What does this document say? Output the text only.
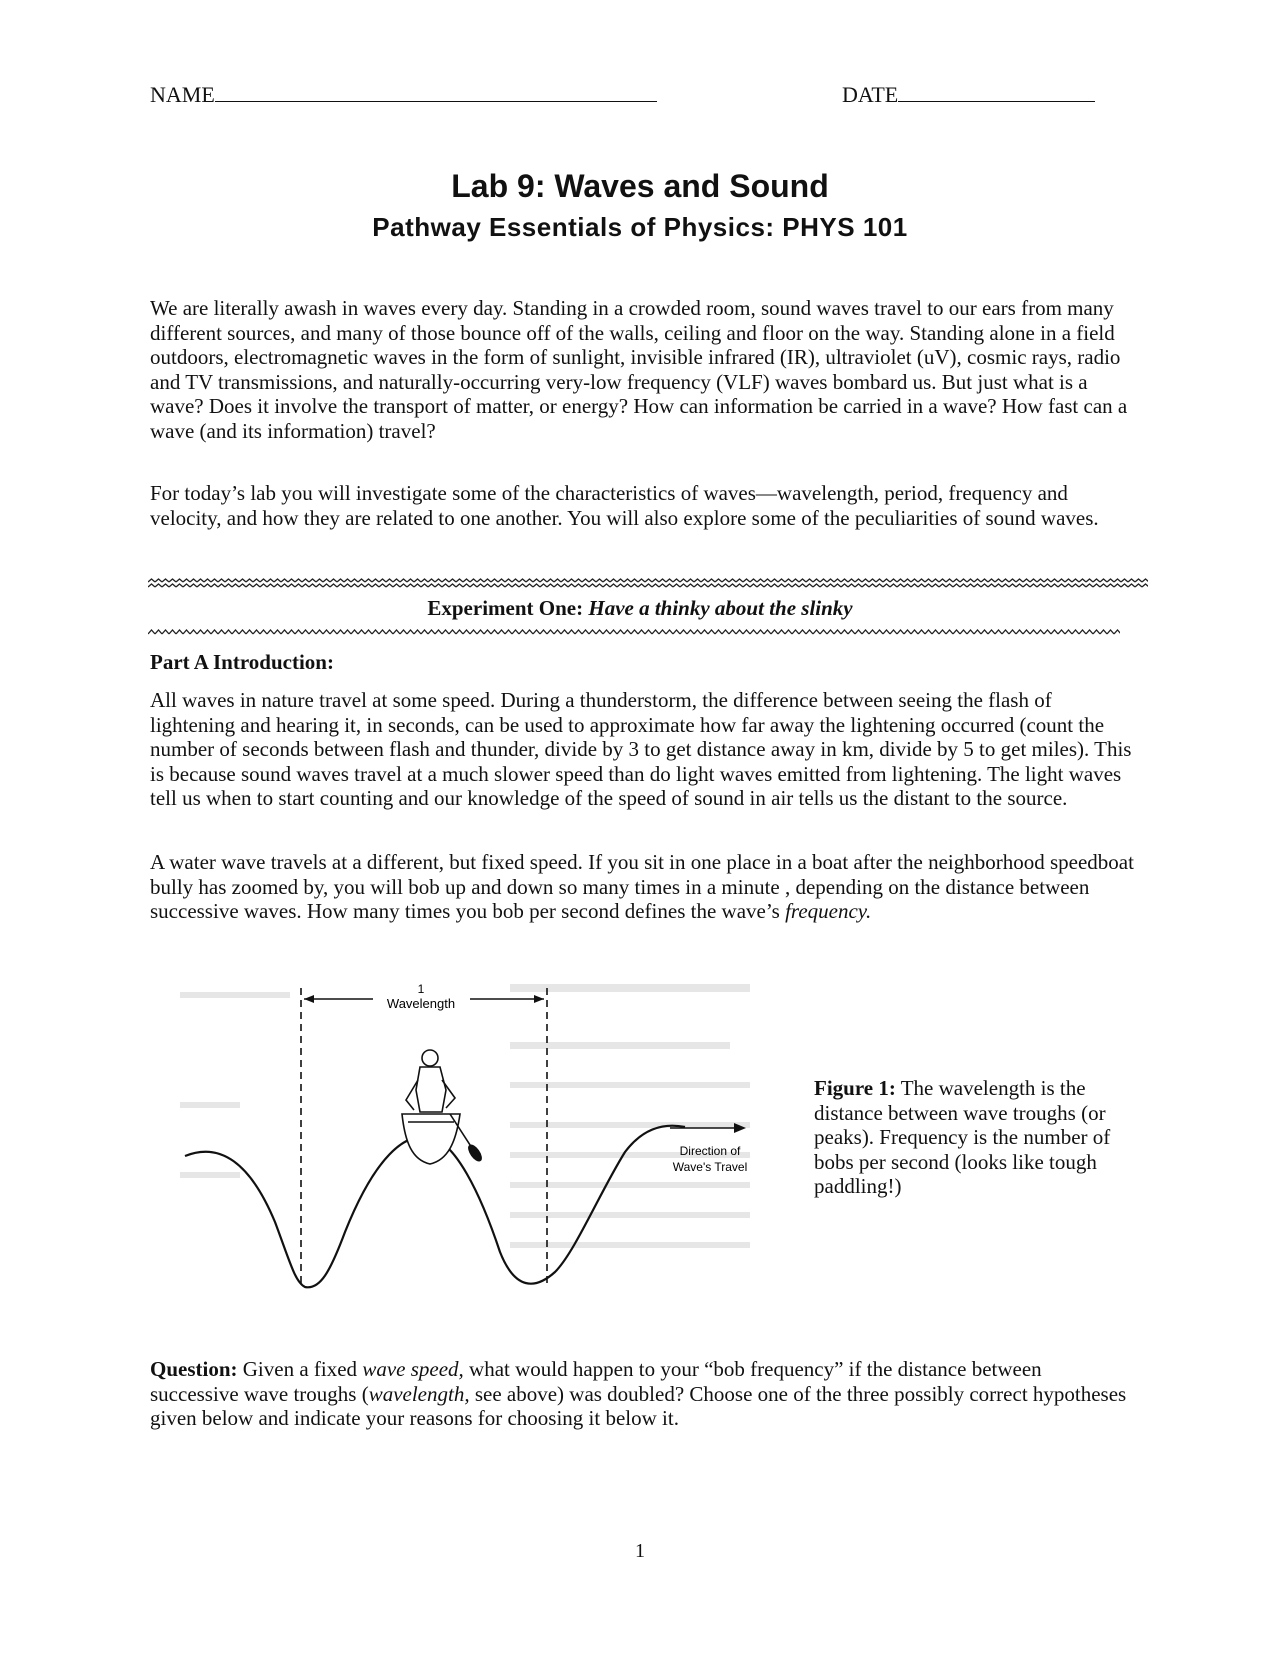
NAME	DATE
Lab 9: Waves and Sound
Pathway Essentials of Physics: PHYS 101

We are literally awash in waves every day. Standing in a crowded room, sound waves travel to our ears from many different sources, and many of those bounce off of the walls, ceiling and floor on the way. Standing alone in a field outdoors, electromagnetic waves in the form of sunlight, invisible infrared (IR), ultraviolet (uV), cosmic rays, radio and TV transmissions, and naturally-occurring very-low frequency (VLF) waves bombard us. But just what is a wave? Does it involve the transport of matter, or energy? How can information be carried in a wave? How fast can a wave (and its information) travel?

For today’s lab you will investigate some of the characteristics of waves—wavelength, period, frequency and velocity, and how they are related to one another. You will also explore some of the peculiarities of sound waves.

Experiment One: Have a thinky about the slinky
Part A Introduction:

All waves in nature travel at some speed. During a thunderstorm, the difference between seeing the flash of lightening and hearing it, in seconds, can be used to approximate how far away the lightening occurred (count the number of seconds between flash and thunder, divide by 3 to get distance away in km, divide by 5 to get miles). This is because sound waves travel at a much slower speed than do light waves emitted from lightening. The light waves tell us when to start counting and our knowledge of the speed of sound in air tells us the distant to the source.

A water wave travels at a different, but fixed speed. If you sit in one place in a boat after the neighborhood speedboat bully has zoomed by, you will bob up and down so many times in a minute , depending on the distance between successive waves. How many times you bob per second defines the wave’s frequency.

1
Wavelength
Direction of
Wave's Travel
Figure 1: The wavelength is the distance between wave troughs (or peaks). Frequency is the number of bobs per second (looks like tough paddling!)

Question: Given a fixed wave speed, what would happen to your “bob frequency” if the distance between successive wave troughs (wavelength, see above) was doubled? Choose one of the three possibly correct hypotheses given below and indicate your reasons for choosing it below it.

1
